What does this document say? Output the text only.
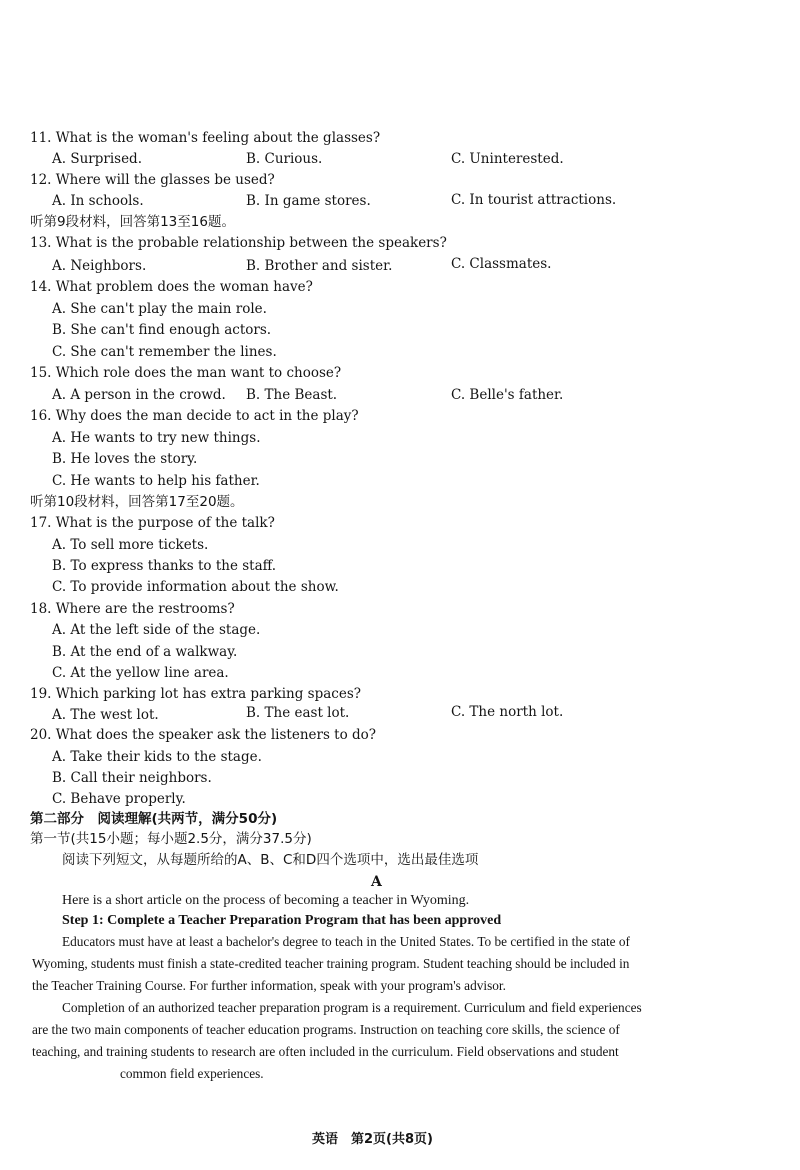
11. What is the woman's feeling about the glasses?
A. Surprised.	B. Curious.	C. Uninterested.
12. Where will the glasses be used?
A. In schools.	B. In game stores.	C. In tourist attractions.
听第9段材料，回答第13至16题。
13. What is the probable relationship between the speakers?
A. Neighbors.	B. Brother and sister.	C. Classmates.
14. What problem does the woman have?
A. She can't play the main role.
B. She can't find enough actors.
C. She can't remember the lines.
15. Which role does the man want to choose?
A. A person in the crowd. B. The Beast.	C. Belle's father.
16. Why does the man decide to act in the play?
A. He wants to try new things.
B. He loves the story.
C. He wants to help his father.
听第10段材料，回答第17至20题。
17. What is the purpose of the talk?
A. To sell more tickets.
B. To express thanks to the staff.
C. To provide information about the show.
18. Where are the restrooms?
A. At the left side of the stage.
B. At the end of a walkway.
C. At the yellow line area.
19. Which parking lot has extra parking spaces?
A. The west lot.	B. The east lot.	C. The north lot.
20. What does the speaker ask the listeners to do?
A. Take their kids to the stage.
B. Call their neighbors.
C. Behave properly.
第二部分　阅读理解(共两节，满分50分)
第一节(共15小题；每小题2.5分，满分37.5分)
阅读下列短文，从每题所给的A、B、C和D四个选项中，选出最佳选项
A
Here is a short article on the process of becoming a teacher in Wyoming.
Step 1: Complete a Teacher Preparation Program that has been approved
Educators must have at least a bachelor's degree to teach in the United States. To be certified in the state of
Wyoming, students must finish a state-credited teacher training program. Student teaching should be included in
the Teacher Training Course. For further information, speak with your program's advisor.
Completion of an authorized teacher preparation program is a requirement. Curriculum and field experiences
are the two main components of teacher education programs. Instruction on teaching core skills, the science of
teaching, and training students to research are often included in the curriculum. Field observations and student
common field experiences.
英语　第2页(共8页)
